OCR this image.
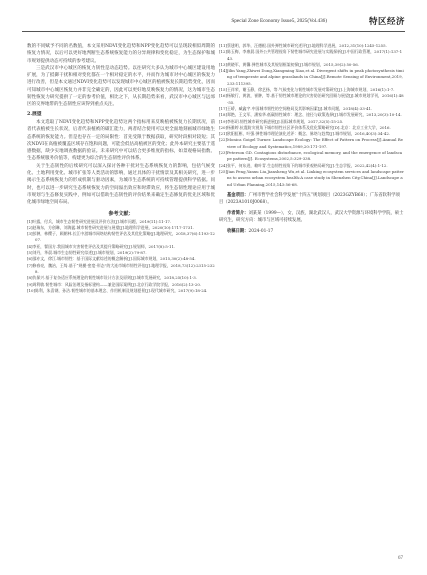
Special Zone Economy Issue5, 2025(Vol.436)	特区经济

数的不同赋予不同的名数值，本文采用NDVI变化趋势和NPP变化趋势可以呈现较相似周期的恢复力情况，以后可以更好地判断生态系统恢复能力的分异规律和变化稳定，为生态保护和城市规划提供动态可持续的参考建议。

三是武汉市中心城区的恢复力韧性是动态趋势。以往研究大多认为城市中心城区建设用地扩展，为了抵御干扰和相对变化都在一个相对稳定的水平，并而作为城市对中心城区的恢复力进行改善，但是本文通过NDVI变化趋势可以发现城市中心城区的植被恢复长期趋势变化，因而可知城市中心城区恢复力并非完全确定的，因此可以更好地反映恢复力的情况，这为城市生态韧性恢复力研究提供了一定的参考价值，相比之下，从长期趋势来看，武汉市中心城区与远郊区的交界地带的生态韧性应该得到重点关注。

2.展望

本文选取了NDVI变化趋势和NPP变化趋势这两个指标用来反映植被恢复力长期状况，前者代表植被生长状况，后者代表植被的碳汇能力，两者结合使用可以更全面地刻画城市绿地生态系统的恢复能力。但是也存在一定的局限性：首先受限于数据获取，研究时段相对较短；其次NDVI在高植被覆盖区域存在饱和问题，可能会低估高植被区的变化；此外本研究主要基于遥感数据，缺少实地调查数据的验证。未来研究中可以结合更多维度的指标，如景观格局指数、生态系统服务价值等，构建更为综合的生态韧性评价体系。

关于生态韧性的后续研究可以深入探讨各种干扰对生态系统恢复力的影响，包括气候变化、土地利用变化、城市扩张等人类活动的影响，通过具体的干扰情景及其相关研究，进一步揭示生态系统恢复力的形成机制与驱动因素，为城市生态系统的可持续管理提供科学依据。同时，也可以进一步研究生态系统恢复力的空间溢出效应和时滞效应，将生态韧性理论应用于城市规划与生态修复实践中，例如可以借助生态韧性的评价结果来确定生态修复的优先区域和优化城市绿地空间布局。

参考文献：

[1]叶露，付兵，城市生态韧性研究进展及评价方法[J].城市问题，2019(11):11-17.

[2]赵瑞东，方创琳，刘海猛.城市韧性研究进展与展望[J].地理科学进展，2020(10):1717-1731.

[3]彭翀，林樱子，顾朝林.长江中游城市网络结构韧性评估及其优化策略[J].地理研究，2018,37(6):1193-1207.

[4]李亚，翟国方.我国城市灾害韧性评估及其提升策略研究[J].规划师，2017(8):5-11.

[5]刘丹，华晨.城市生态韧性研究综述[J].城市规划，2019(2):79-87.

[6]邵亦文，徐江.城市韧性：基于国际文献综述的概念解析[J].国际城市规划，2015,30(2):48-54.

[7]修春亮，魏冶，王绮.基于“规模-密度-形态”的大连市城市韧性评估[J].地理学报，2018,73(12):2315-2328.

[8]仇保兴.基于复杂适应系统理论的韧性城市设计方法及原则[J].城市发展研究，2018,25(10):1-3.

[9]周利敏.韧性城市：风险治理及指标建构——兼论国际案例[J].北京行政学院学报，2016(2):13-20.

[10]陈利，朱喜钢，孙洁.韧性城市的基本理念、作用机制及规划愿景[J].现代城市研究，2017(9):18-24.

[11]蔡建明，郭华，汪德根.国外弹性城市研究述评[J].地理科学进展，2012,31(10):1245-1255.

[12]陈玉梅，李康晨.国外公共管理视角下韧性城市研究进展与实践探析[J].中国行政管理，2017(1):137-143.

[13]黄晓军，黄馨.弹性城市及其规划框架初探[J].城市规划，2015,39(2):50-56.

[14]Jilin Yang,Zhiwei Dong,Xiangming Xiao,et al. Divergent shifts in peak photosynthesis timing of temperate and alpine grasslands in China[J].Remote Sensing of Environment,2019,233:111395.

[15]王祥荣，谢玉静，徐艺扬，等.气候变化与韧性城市发展对策研究[J].上海城市规划，2016(1):1-7.

[16]杨敏行，黄波，崔翀，等.基于韧性城市理论的灾害防治研究回顾与展望[J].城市规划学刊，2016(1):48-55.

[17]王峤，臧鑫宇.中国城市韧性的空间格局及其影响因素[J].城市问题，2018(4):33-41.

[18]郑艳，王文军，潘家华.低碳韧性城市：理念、途径与政策选择[J].城市发展研究，2013,20(3):10-14.

[19]李彤玥.韧性城市研究新进展[J].国际城市规划，2017,32(5):15-25.

[20]杨雅婷.抗震防灾视角下城市韧性社区评价体系及优化策略研究[D].北京：北京工业大学，2016.

[21]欧阳虹彬，叶强.弹性城市理论演化述评：概念、脉络与趋势[J].城市规划，2016,40(3):34-42.

[22]Monica Goigel Turner. Landscape Ecology: The Effect of Pattern on Process[J].Annual Review of Ecology and Systematics,1989,20:171-197.

[23]Peterson GD. Contagious disturbance, ecological memory, and the emergence of landscape pattern[J]. Ecosystems,2002,5:329-338.

[24]张平，何东进，赖叶青.生态韧性视角下的城市景观格局研究[J].生态学报，2022,42(4):1-12.

[25]Jian Peng,Yanxu Liu,Jiansheng Wu,et al. Linking ecosystem services and landscape patterns to assess urban ecosystem health:A case study in Shenzhen City,China[J].Landscape and Urban Planning,2015,143:56-68.

基金项目：广州市哲学社会科学发展“十四五”规划项目（2023GZYB68）；广东省软科学项目（2023A1010J0068）。

作者简介：刘某某（1999—），女，汉族，湖北武汉人，武汉大学资源与环境科学学院，硕士研究生，研究方向：城市与区域可持续发展。

收稿日期：2024-01-17

67
